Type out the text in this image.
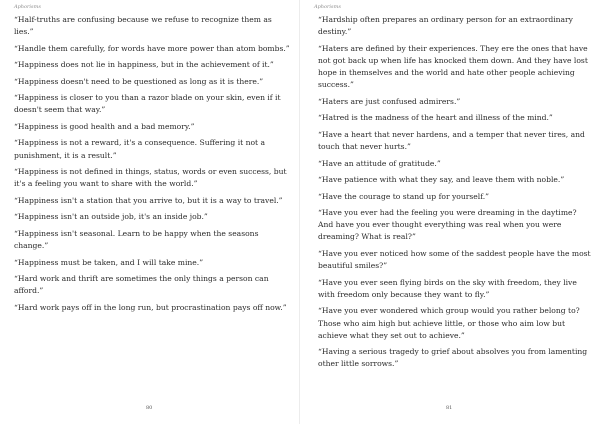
Aphorisms

“Half-truths are confusing because we refuse to recognize them as lies.”

“Handle them carefully, for words have more power than atom bombs.”

“Happiness does not lie in happiness, but in the achievement of it.”

“Happiness doesn't need to be questioned as long as it is there.”

“Happiness is closer to you than a razor blade on your skin, even if it doesn't seem that way.”

“Happiness is good health and a bad memory.”

“Happiness is not a reward, it's a consequence. Suffering it not a punishment, it is a result.”

“Happiness is not defined in things, status, words or even success, but it's a feeling you want to share with the world.”

“Happiness isn't a station that you arrive to, but it is a way to travel.”

“Happiness isn't an outside job, it's an inside job.”

“Happiness isn't seasonal. Learn to be happy when the seasons change.”

“Happiness must be taken, and I will take mine.”

“Hard work and thrift are sometimes the only things a person can afford.”

“Hard work pays off in the long run, but procrastination pays off now.”

80
Aphorisms

“Hardship often prepares an ordinary person for an extraordinary destiny.”

“Haters are defined by their experiences. They ere the ones that have not got back up when life has knocked them down. And they have lost hope in themselves and the world and hate other people achieving success.”

“Haters are just confused admirers.”

“Hatred is the madness of the heart and illness of the mind.”

“Have a heart that never hardens, and a temper that never tires, and touch that never hurts.”

“Have an attitude of gratitude.”

“Have patience with what they say, and leave them with noble.”

“Have the courage to stand up for yourself.”

“Have you ever had the feeling you were dreaming in the daytime? And have you ever thought everything was real when you were dreaming? What is real?”

“Have you ever noticed how some of the saddest people have the most beautiful smiles?”

“Have you ever seen flying birds on the sky with freedom, they live with freedom only because they want to fly.”

“Have you ever wondered which group would you rather belong to? Those who aim high but achieve little, or those who aim low but achieve what they set out to achieve.”

“Having a serious tragedy to grief about absolves you from lamenting other little sorrows.”

81
